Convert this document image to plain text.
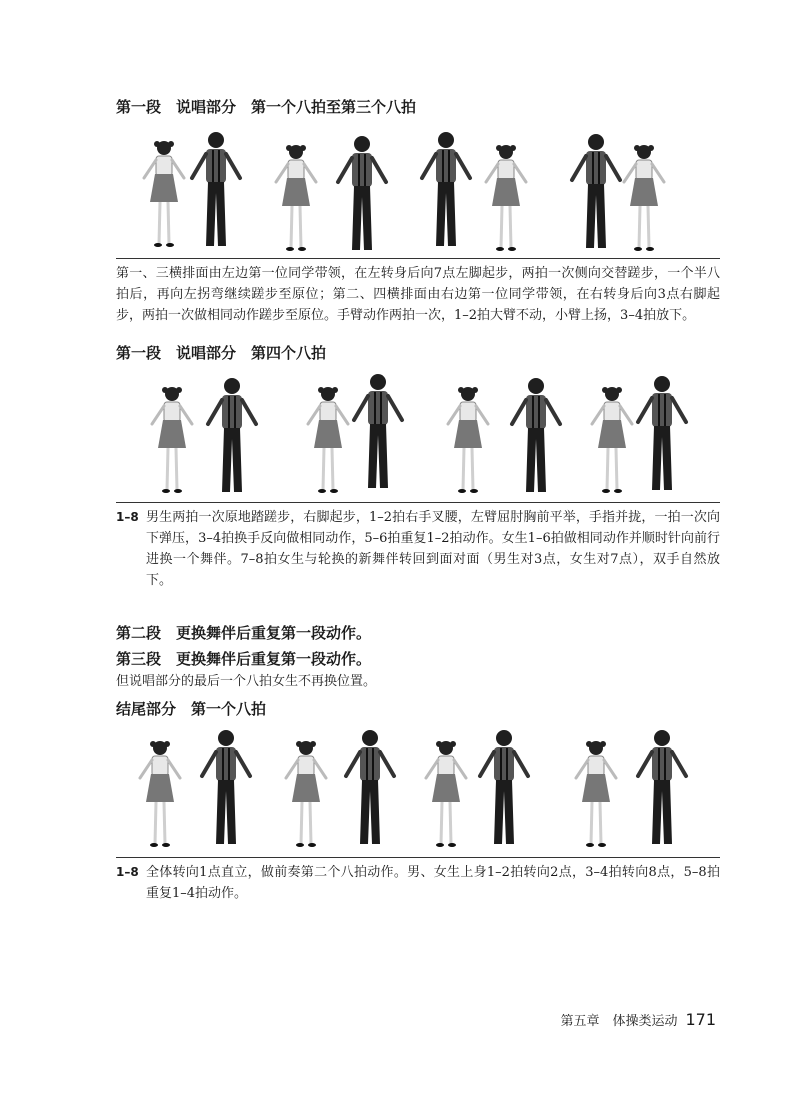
第一段　说唱部分　第一个八拍至第三个八拍

第一、三横排面由左边第一位同学带领，在左转身后向7点左脚起步，两拍一次侧向交替蹉步，一个半八拍后，再向左拐弯继续蹉步至原位；第二、四横排面由右边第一位同学带领，在右转身后向3点右脚起步，两拍一次做相同动作蹉步至原位。手臂动作两拍一次，1–2拍大臂不动，小臂上扬，3–4拍放下。

第一段　说唱部分　第四个八拍
1–8 男生两拍一次原地踏蹉步，右脚起步，1–2拍右手叉腰，左臂屈肘胸前平举，手指并拢，一拍一次向下弹压，3–4拍换手反向做相同动作，5–6拍重复1–2拍动作。女生1–6拍做相同动作并顺时针向前行进换一个舞伴。7–8拍女生与轮换的新舞伴转回到面对面（男生对3点，女生对7点），双手自然放下。
第二段　更换舞伴后重复第一段动作。
第三段　更换舞伴后重复第一段动作。

但说唱部分的最后一个八拍女生不再换位置。

结尾部分　第一个八拍
1–8 全体转向1点直立，做前奏第二个八拍动作。男、女生上身1–2拍转向2点，3–4拍转向8点，5–8拍重复1–4拍动作。
第五章　体操类运动 171
